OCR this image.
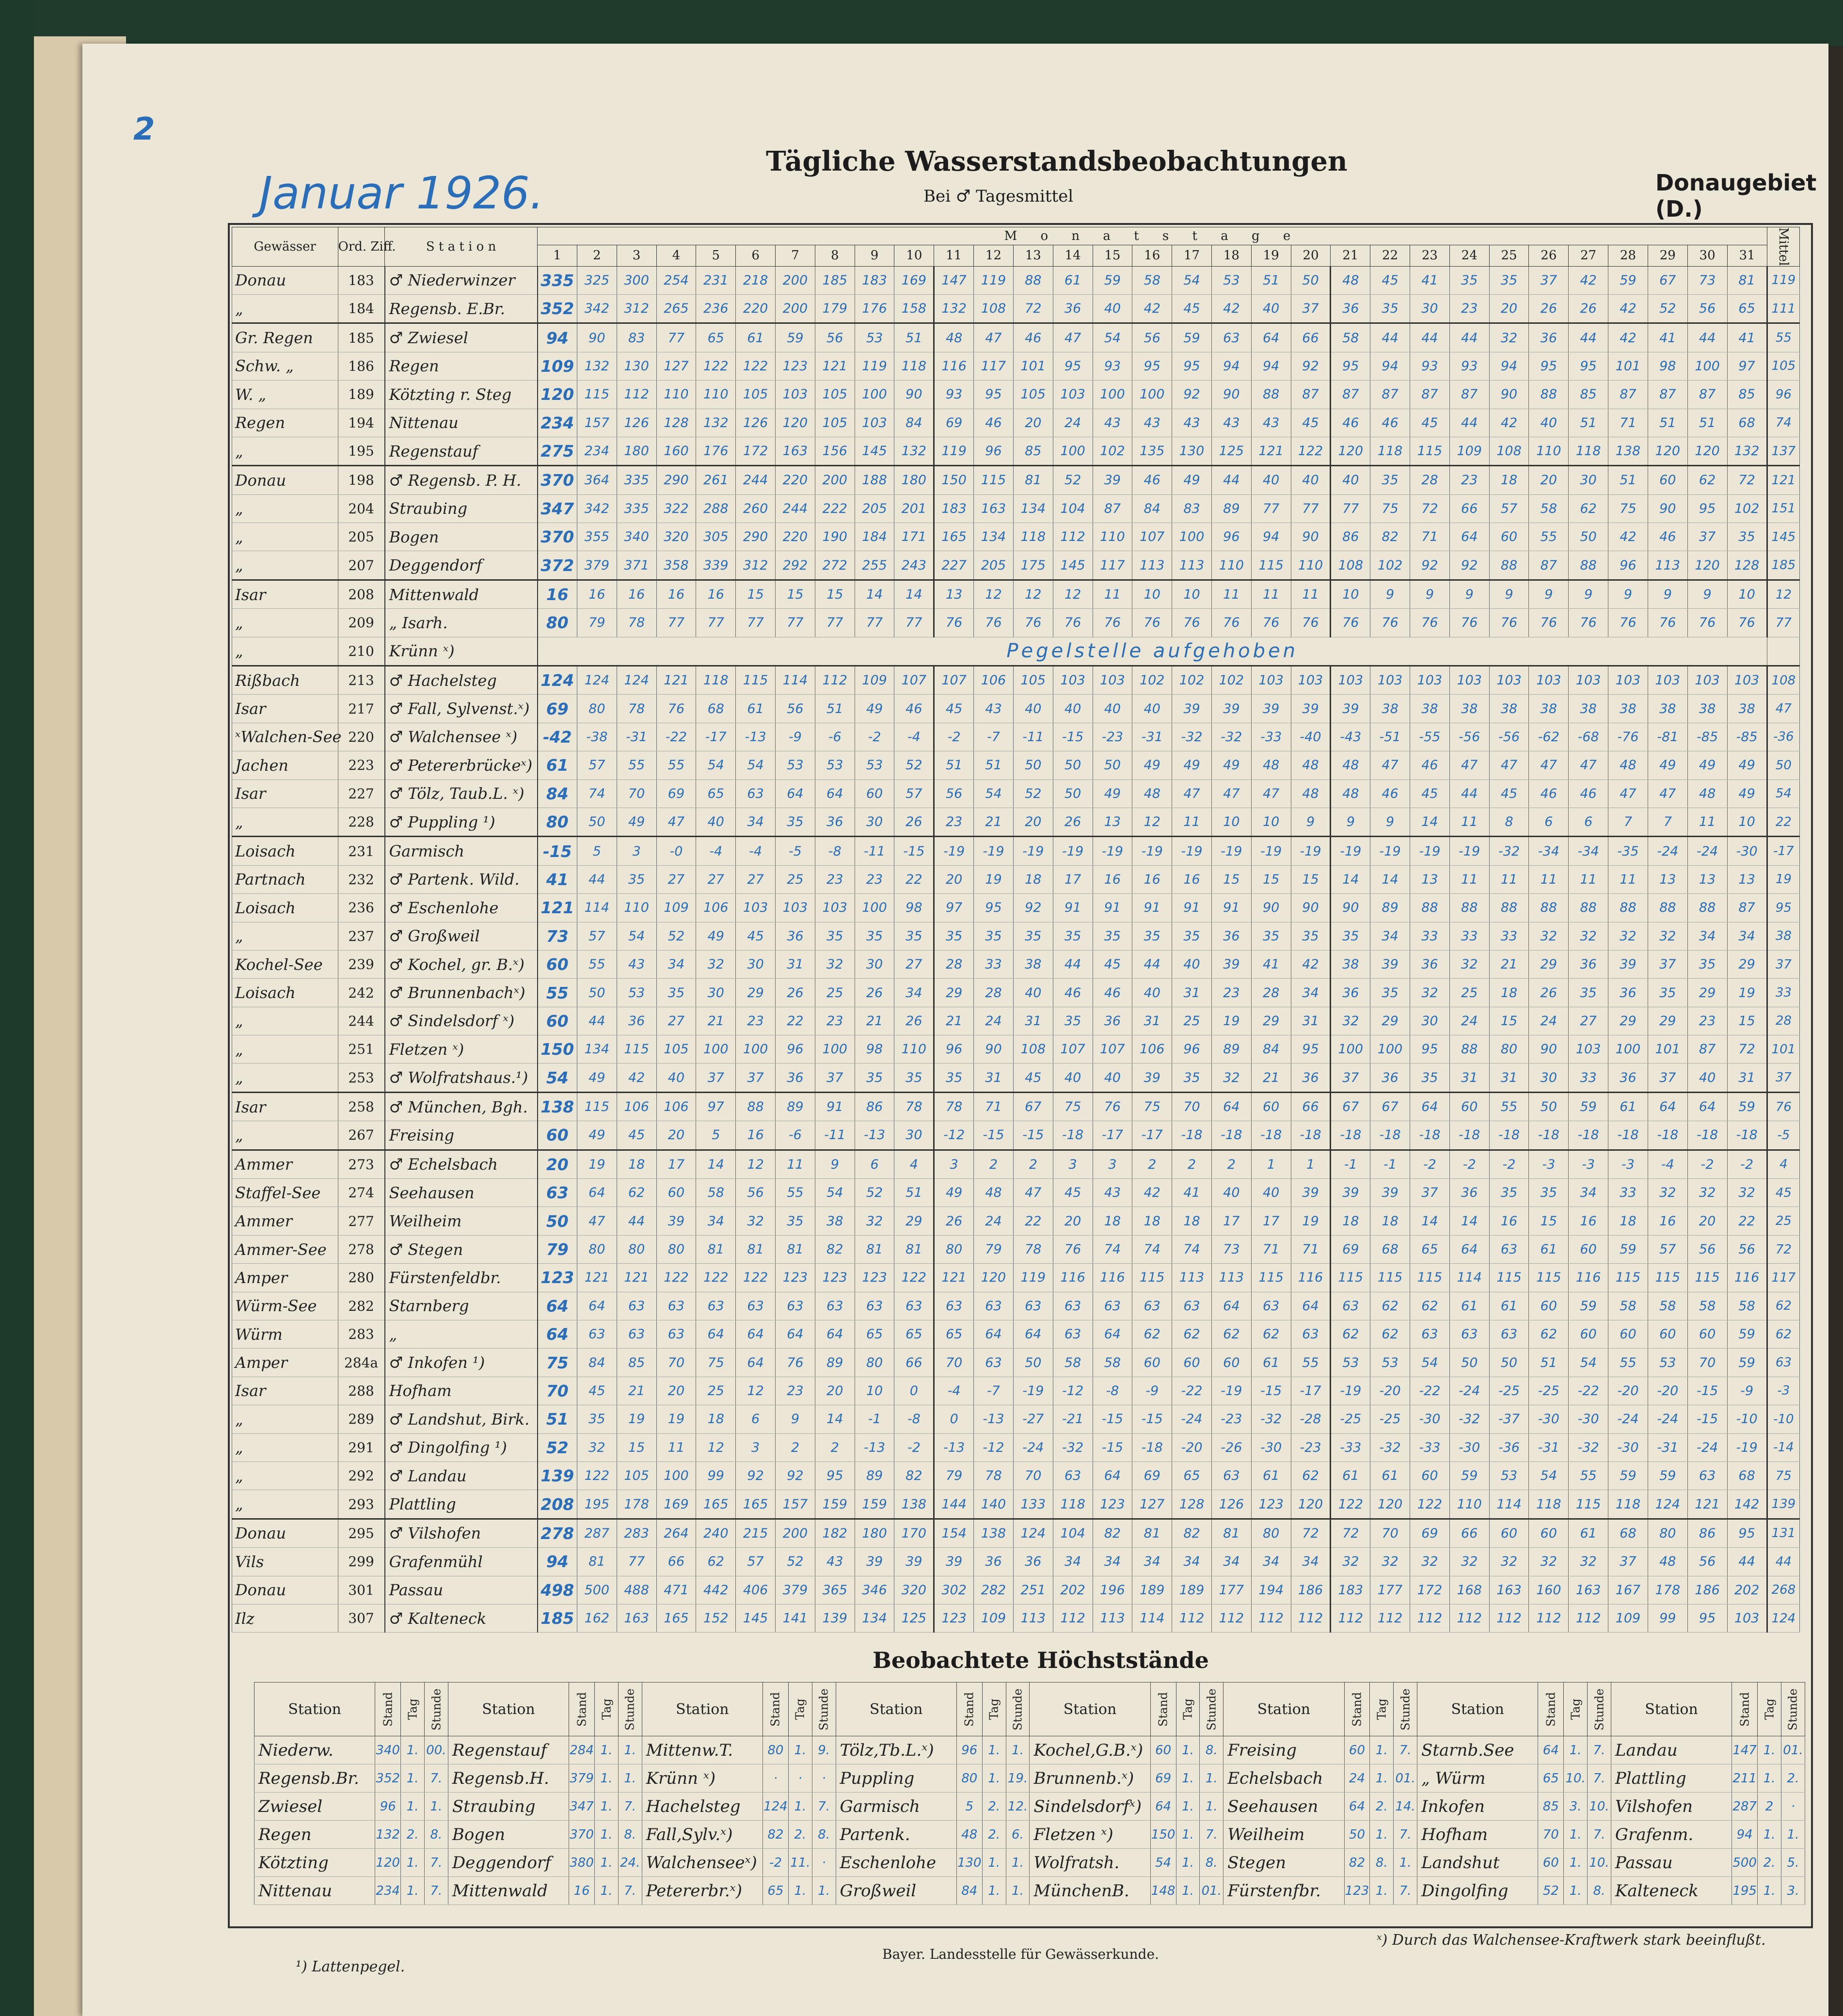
2
Januar 1926.
Tägliche Wasserstandsbeobachtungen
Bei ♂ Tagesmittel
Donaugebiet (D.)
Gewässer	Ord. Ziff.	S t a t i o n	M o n a t s t a g e																															Mittel
			1	2	3	4	5	6	7	8	9	10	11	12	13	14	15	16	17	18	19	20	21	22	23	24	25	26	27	28	29	30	31	
Donau	183	♂ Niederwinzer	335	325	300	254	231	218	200	185	183	169	147	119	88	61	59	58	54	53	51	50	48	45	41	35	35	37	42	59	67	73	81	119
„	184	Regensb. E.Br.	352	342	312	265	236	220	200	179	176	158	132	108	72	36	40	42	45	42	40	37	36	35	30	23	20	26	26	42	52	56	65	111
Gr. Regen	185	♂ Zwiesel	94	90	83	77	65	61	59	56	53	51	48	47	46	47	54	56	59	63	64	66	58	44	44	44	32	36	44	42	41	44	41	55
Schw. „	186	Regen	109	132	130	127	122	122	123	121	119	118	116	117	101	95	93	95	95	94	94	92	95	94	93	93	94	95	95	101	98	100	97	105
W. „	189	Kötzting r. Steg	120	115	112	110	110	105	103	105	100	90	93	95	105	103	100	100	92	90	88	87	87	87	87	87	90	88	85	87	87	87	85	96
Regen	194	Nittenau	234	157	126	128	132	126	120	105	103	84	69	46	20	24	43	43	43	43	43	45	46	46	45	44	42	40	51	71	51	51	68	74
„	195	Regenstauf	275	234	180	160	176	172	163	156	145	132	119	96	85	100	102	135	130	125	121	122	120	118	115	109	108	110	118	138	120	120	132	137
Donau	198	♂ Regensb. P. H.	370	364	335	290	261	244	220	200	188	180	150	115	81	52	39	46	49	44	40	40	40	35	28	23	18	20	30	51	60	62	72	121
„	204	Straubing	347	342	335	322	288	260	244	222	205	201	183	163	134	104	87	84	83	89	77	77	77	75	72	66	57	58	62	75	90	95	102	151
„	205	Bogen	370	355	340	320	305	290	220	190	184	171	165	134	118	112	110	107	100	96	94	90	86	82	71	64	60	55	50	42	46	37	35	145
„	207	Deggendorf	372	379	371	358	339	312	292	272	255	243	227	205	175	145	117	113	113	110	115	110	108	102	92	92	88	87	88	96	113	120	128	185
Isar	208	Mittenwald	16	16	16	16	16	15	15	15	14	14	13	12	12	12	11	10	10	11	11	11	10	9	9	9	9	9	9	9	9	9	10	12
„	209	„ Isarh.	80	79	78	77	77	77	77	77	77	77	76	76	76	76	76	76	76	76	76	76	76	76	76	76	76	76	76	76	76	76	76	77
„	210	Krünn ˣ)	Pegelstelle aufgehoben																															
Rißbach	213	♂ Hachelsteg	124	124	124	121	118	115	114	112	109	107	107	106	105	103	103	102	102	102	103	103	103	103	103	103	103	103	103	103	103	103	103	108
Isar	217	♂ Fall, Sylvenst.ˣ)	69	80	78	76	68	61	56	51	49	46	45	43	40	40	40	40	39	39	39	39	39	38	38	38	38	38	38	38	38	38	38	47
ˣWalchen-See	220	♂ Walchensee ˣ)	-42	-38	-31	-22	-17	-13	-9	-6	-2	-4	-2	-7	-11	-15	-23	-31	-32	-32	-33	-40	-43	-51	-55	-56	-56	-62	-68	-76	-81	-85	-85	-36
Jachen	223	♂ Petererbrückeˣ)	61	57	55	55	54	54	53	53	53	52	51	51	50	50	50	49	49	49	48	48	48	47	46	47	47	47	47	48	49	49	49	50
Isar	227	♂ Tölz, Taub.L. ˣ)	84	74	70	69	65	63	64	64	60	57	56	54	52	50	49	48	47	47	47	48	48	46	45	44	45	46	46	47	47	48	49	54
„	228	♂ Puppling ¹)	80	50	49	47	40	34	35	36	30	26	23	21	20	26	13	12	11	10	10	9	9	9	14	11	8	6	6	7	7	11	10	22
Loisach	231	Garmisch	-15	5	3	-0	-4	-4	-5	-8	-11	-15	-19	-19	-19	-19	-19	-19	-19	-19	-19	-19	-19	-19	-19	-19	-32	-34	-34	-35	-24	-24	-30	-17
Partnach	232	♂ Partenk. Wild.	41	44	35	27	27	27	25	23	23	22	20	19	18	17	16	16	16	15	15	15	14	14	13	11	11	11	11	11	13	13	13	19
Loisach	236	♂ Eschenlohe	121	114	110	109	106	103	103	103	100	98	97	95	92	91	91	91	91	91	90	90	90	89	88	88	88	88	88	88	88	88	87	95
„	237	♂ Großweil	73	57	54	52	49	45	36	35	35	35	35	35	35	35	35	35	35	36	35	35	35	34	33	33	33	32	32	32	32	34	34	38
Kochel-See	239	♂ Kochel, gr. B.ˣ)	60	55	43	34	32	30	31	32	30	27	28	33	38	44	45	44	40	39	41	42	38	39	36	32	21	29	36	39	37	35	29	37
Loisach	242	♂ Brunnenbachˣ)	55	50	53	35	30	29	26	25	26	34	29	28	40	46	46	40	31	23	28	34	36	35	32	25	18	26	35	36	35	29	19	33
„	244	♂ Sindelsdorf ˣ)	60	44	36	27	21	23	22	23	21	26	21	24	31	35	36	31	25	19	29	31	32	29	30	24	15	24	27	29	29	23	15	28
„	251	Fletzen ˣ)	150	134	115	105	100	100	96	100	98	110	96	90	108	107	107	106	96	89	84	95	100	100	95	88	80	90	103	100	101	87	72	101
„	253	♂ Wolfratshaus.¹)	54	49	42	40	37	37	36	37	35	35	35	31	45	40	40	39	35	32	21	36	37	36	35	31	31	30	33	36	37	40	31	37
Isar	258	♂ München, Bgh.	138	115	106	106	97	88	89	91	86	78	78	71	67	75	76	75	70	64	60	66	67	67	64	60	55	50	59	61	64	64	59	76
„	267	Freising	60	49	45	20	5	16	-6	-11	-13	30	-12	-15	-15	-18	-17	-17	-18	-18	-18	-18	-18	-18	-18	-18	-18	-18	-18	-18	-18	-18	-18	-5
Ammer	273	♂ Echelsbach	20	19	18	17	14	12	11	9	6	4	3	2	2	3	3	2	2	2	1	1	-1	-1	-2	-2	-2	-3	-3	-3	-4	-2	-2	4
Staffel-See	274	Seehausen	63	64	62	60	58	56	55	54	52	51	49	48	47	45	43	42	41	40	40	39	39	39	37	36	35	35	34	33	32	32	32	45
Ammer	277	Weilheim	50	47	44	39	34	32	35	38	32	29	26	24	22	20	18	18	18	17	17	19	18	18	14	14	16	15	16	18	16	20	22	25
Ammer-See	278	♂ Stegen	79	80	80	80	81	81	81	82	81	81	80	79	78	76	74	74	74	73	71	71	69	68	65	64	63	61	60	59	57	56	56	72
Amper	280	Fürstenfeldbr.	123	121	121	122	122	122	123	123	123	122	121	120	119	116	116	115	113	113	115	116	115	115	115	114	115	115	116	115	115	115	116	117
Würm-See	282	Starnberg	64	64	63	63	63	63	63	63	63	63	63	63	63	63	63	63	63	64	63	64	63	62	62	61	61	60	59	58	58	58	58	62
Würm	283	„	64	63	63	63	64	64	64	64	65	65	65	64	64	63	64	62	62	62	62	63	62	62	63	63	63	62	60	60	60	60	59	62
Amper	284a	♂ Inkofen ¹)	75	84	85	70	75	64	76	89	80	66	70	63	50	58	58	60	60	60	61	55	53	53	54	50	50	51	54	55	53	70	59	63
Isar	288	Hofham	70	45	21	20	25	12	23	20	10	0	-4	-7	-19	-12	-8	-9	-22	-19	-15	-17	-19	-20	-22	-24	-25	-25	-22	-20	-20	-15	-9	-3
„	289	♂ Landshut, Birk.	51	35	19	19	18	6	9	14	-1	-8	0	-13	-27	-21	-15	-15	-24	-23	-32	-28	-25	-25	-30	-32	-37	-30	-30	-24	-24	-15	-10	-10
„	291	♂ Dingolfing ¹)	52	32	15	11	12	3	2	2	-13	-2	-13	-12	-24	-32	-15	-18	-20	-26	-30	-23	-33	-32	-33	-30	-36	-31	-32	-30	-31	-24	-19	-14
„	292	♂ Landau	139	122	105	100	99	92	92	95	89	82	79	78	70	63	64	69	65	63	61	62	61	61	60	59	53	54	55	59	59	63	68	75
„	293	Plattling	208	195	178	169	165	165	157	159	159	138	144	140	133	118	123	127	128	126	123	120	122	120	122	110	114	118	115	118	124	121	142	139
Donau	295	♂ Vilshofen	278	287	283	264	240	215	200	182	180	170	154	138	124	104	82	81	82	81	80	72	72	70	69	66	60	60	61	68	80	86	95	131
Vils	299	Grafenmühl	94	81	77	66	62	57	52	43	39	39	39	36	36	34	34	34	34	34	34	34	32	32	32	32	32	32	32	37	48	56	44	44
Donau	301	Passau	498	500	488	471	442	406	379	365	346	320	302	282	251	202	196	189	189	177	194	186	183	177	172	168	163	160	163	167	178	186	202	268
Ilz	307	♂ Kalteneck	185	162	163	165	152	145	141	139	134	125	123	109	113	112	113	114	112	112	112	112	112	112	112	112	112	112	112	109	99	95	103	124
Beobachtete Höchststände
Station	Stand	Tag	Stunde	Station	Stand	Tag	Stunde	Station	Stand	Tag	Stunde	Station	Stand	Tag	Stunde	Station	Stand	Tag	Stunde	Station	Stand	Tag	Stunde	Station	Stand	Tag	Stunde	Station	Stand	Tag	Stunde
Niederw.	340	1.	00.	Regenstauf	284	1.	1.	Mittenw.T.	80	1.	9.	Tölz,Tb.L.ˣ)	96	1.	1.	Kochel,G.B.ˣ)	60	1.	8.	Freising	60	1.	7.	Starnb.See	64	1.	7.	Landau	147	1.	01.
Regensb.Br.	352	1.	7.	Regensb.H.	379	1.	1.	Krünn ˣ)	·	·	·	Puppling	80	1.	19.	Brunnenb.ˣ)	69	1.	1.	Echelsbach	24	1.	01.	„ Würm	65	10.	7.	Plattling	211	1.	2.
Zwiesel	96	1.	1.	Straubing	347	1.	7.	Hachelsteg	124	1.	7.	Garmisch	5	2.	12.	Sindelsdorfˣ)	64	1.	1.	Seehausen	64	2.	14.	Inkofen	85	3.	10.	Vilshofen	287	2	·
Regen	132	2.	8.	Bogen	370	1.	8.	Fall,Sylv.ˣ)	82	2.	8.	Partenk.	48	2.	6.	Fletzen ˣ)	150	1.	7.	Weilheim	50	1.	7.	Hofham	70	1.	7.	Grafenm.	94	1.	1.
Kötzting	120	1.	7.	Deggendorf	380	1.	24.	Walchenseeˣ)	-2	11.	·	Eschenlohe	130	1.	1.	Wolfratsh.	54	1.	8.	Stegen	82	8.	1.	Landshut	60	1.	10.	Passau	500	2.	5.
Nittenau	234	1.	7.	Mittenwald	16	1.	7.	Petererbr.ˣ)	65	1.	1.	Großweil	84	1.	1.	MünchenB.	148	1.	01.	Fürstenfbr.	123	1.	7.	Dingolfing	52	1.	8.	Kalteneck	195	1.	3.
¹) Lattenpegel.
Bayer. Landesstelle für Gewässerkunde.
ˣ) Durch das Walchensee-Kraftwerk stark beeinflußt.
